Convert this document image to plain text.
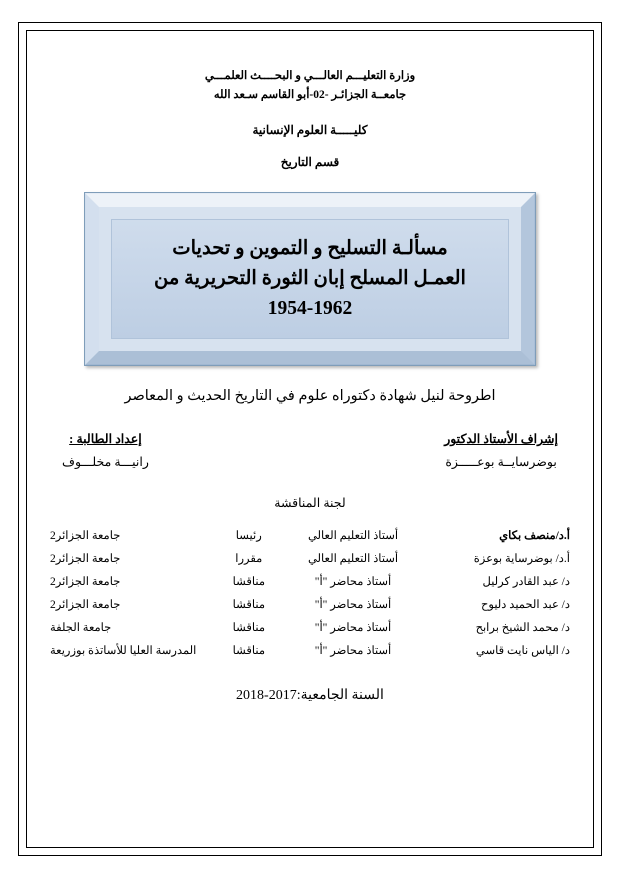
وزارة التعليـــم العالـــي و البحــــث العلمـــي
جامعــة الجزائـر -02-أبو القاسم سـعد الله
كليـــــة العلوم الإنسانية
قسم التاريخ
مسألـة التسليح و التموين و تحديات
العمـل المسلح إبان الثورة التحريرية من
1954-1962
اطروحة لنيل شهادة دكتوراه علوم في التاريخ الحديث و المعاصر
إشراف الأستاذ الدكتور
بوضرسايــة بوعـــــزة
إعداد الطالبة :
رانيـــة مخلـــوف
لجنة المناقشة
أ.د/منصف بكاي	أستاذ التعليم العالي	رئيسا	جامعة الجزائر2
أ.د/ بوضرساية بوعزة	أستاذ التعليم العالي	مقررا	جامعة الجزائر2
د/ عبد القادر كرليل	أستاذ محاضر "أ"	مناقشا	جامعة الجزائر2
د/ عبد الحميد دليوح	أستاذ محاضر "أ"	مناقشا	جامعة الجزائر2
د/ محمد الشيخ برابح	أستاذ محاضر "أ"	مناقشا	جامعة الجلفة
د/ الياس نايت قاسي	أستاذ محاضر "أ"	مناقشا	المدرسة العليا للأساتذة بوزريعة
السنة الجامعية:2017-2018
